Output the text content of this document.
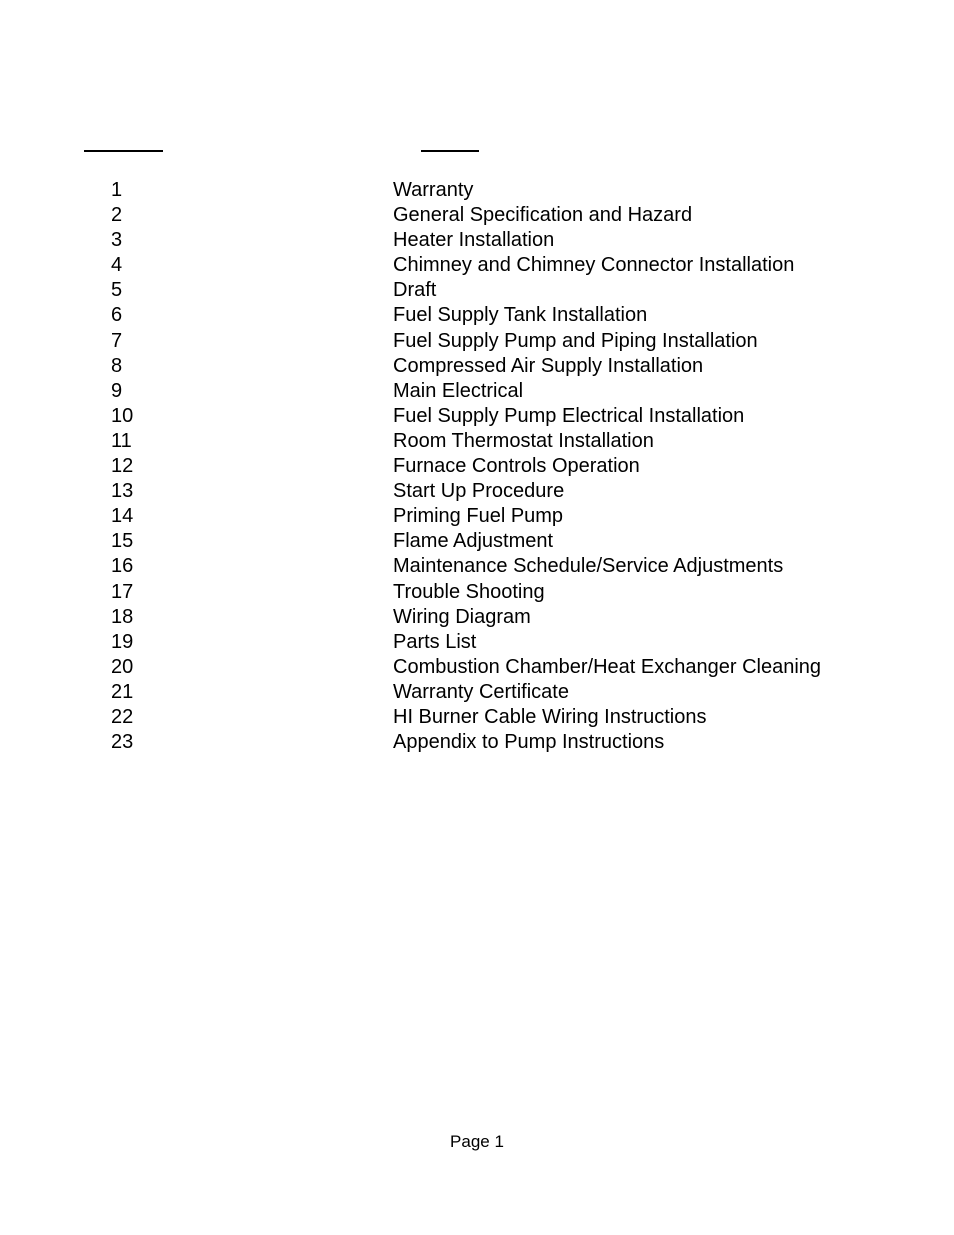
1	Warranty
2	General Specification and Hazard
3	Heater Installation
4	Chimney and Chimney Connector Installation
5	Draft
6	Fuel Supply Tank Installation
7	Fuel Supply Pump and Piping Installation
8	Compressed Air Supply Installation
9	Main Electrical
10	Fuel Supply Pump Electrical Installation
11	Room Thermostat Installation
12	Furnace Controls Operation
13	Start Up Procedure
14	Priming Fuel Pump
15	Flame Adjustment
16	Maintenance Schedule/Service Adjustments
17	Trouble Shooting
18	Wiring Diagram
19	Parts List
20	Combustion Chamber/Heat Exchanger Cleaning
21	Warranty Certificate
22	HI Burner Cable Wiring Instructions
23	Appendix to Pump Instructions
Page 1
